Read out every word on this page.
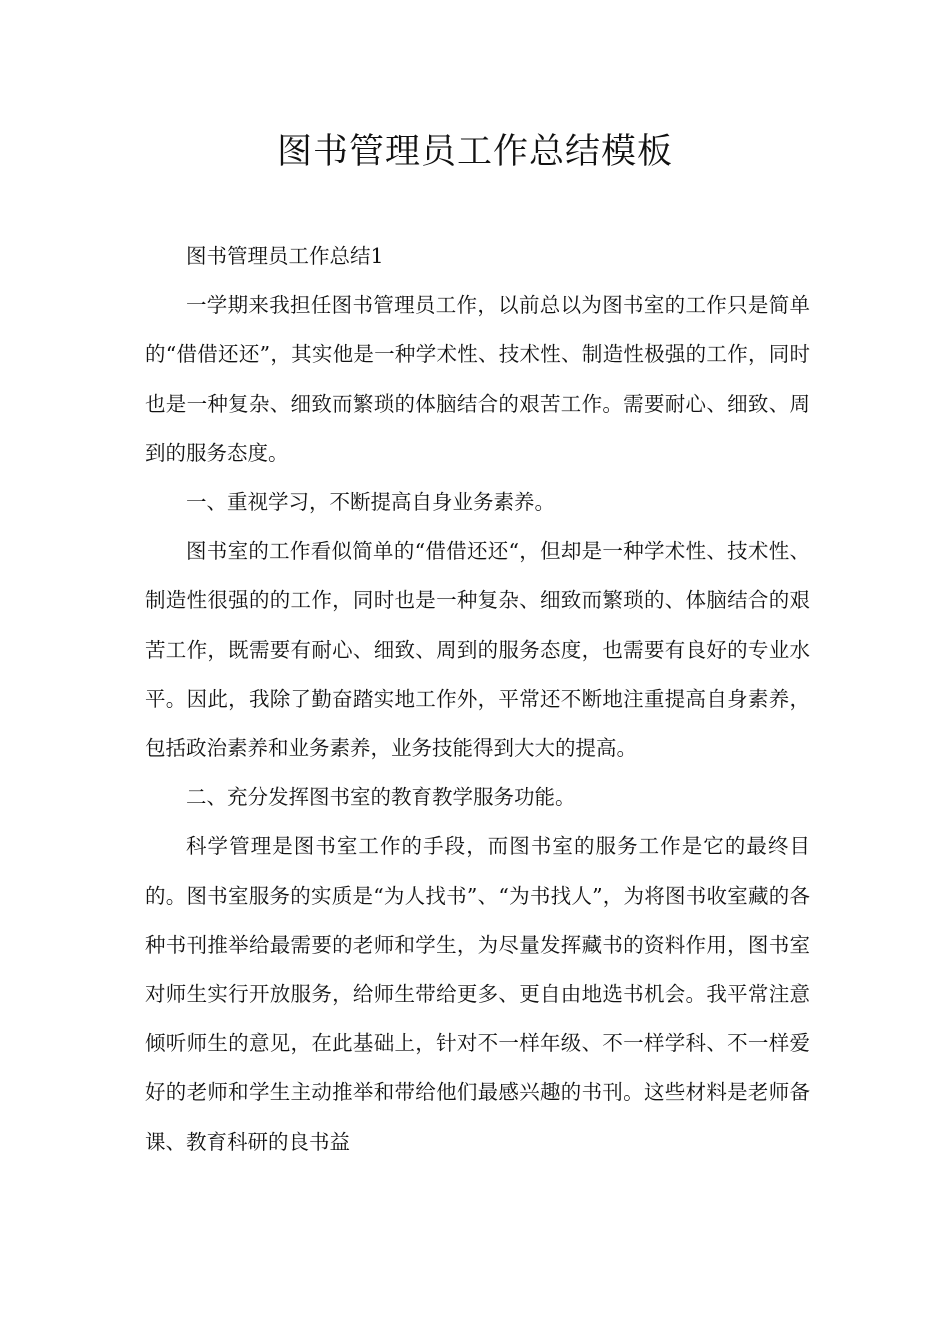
图书管理员工作总结模板

图书管理员工作总结1

一学期来我担任图书管理员工作，以前总以为图书室的工作只是简单的“借借还还”，其实他是一种学术性、技术性、制造性极强的工作，同时也是一种复杂、细致而繁琐的体脑结合的艰苦工作。需要耐心、细致、周到的服务态度。

一、重视学习，不断提高自身业务素养。

图书室的工作看似简单的“借借还还“，但却是一种学术性、技术性、制造性很强的的工作，同时也是一种复杂、细致而繁琐的、体脑结合的艰苦工作，既需要有耐心、细致、周到的服务态度，也需要有良好的专业水平。因此，我除了勤奋踏实地工作外，平常还不断地注重提高自身素养，包括政治素养和业务素养，业务技能得到大大的提高。

二、充分发挥图书室的教育教学服务功能。

科学管理是图书室工作的手段，而图书室的服务工作是它的最终目的。图书室服务的实质是“为人找书”、“为书找人”，为将图书收室藏的各种书刊推举给最需要的老师和学生，为尽量发挥藏书的资料作用，图书室对师生实行开放服务，给师生带给更多、更自由地选书机会。我平常注意倾听师生的意见，在此基础上，针对不一样年级、不一样学科、不一样爱好的老师和学生主动推举和带给他们最感兴趣的书刊。这些材料是老师备课、教育科研的良书益
